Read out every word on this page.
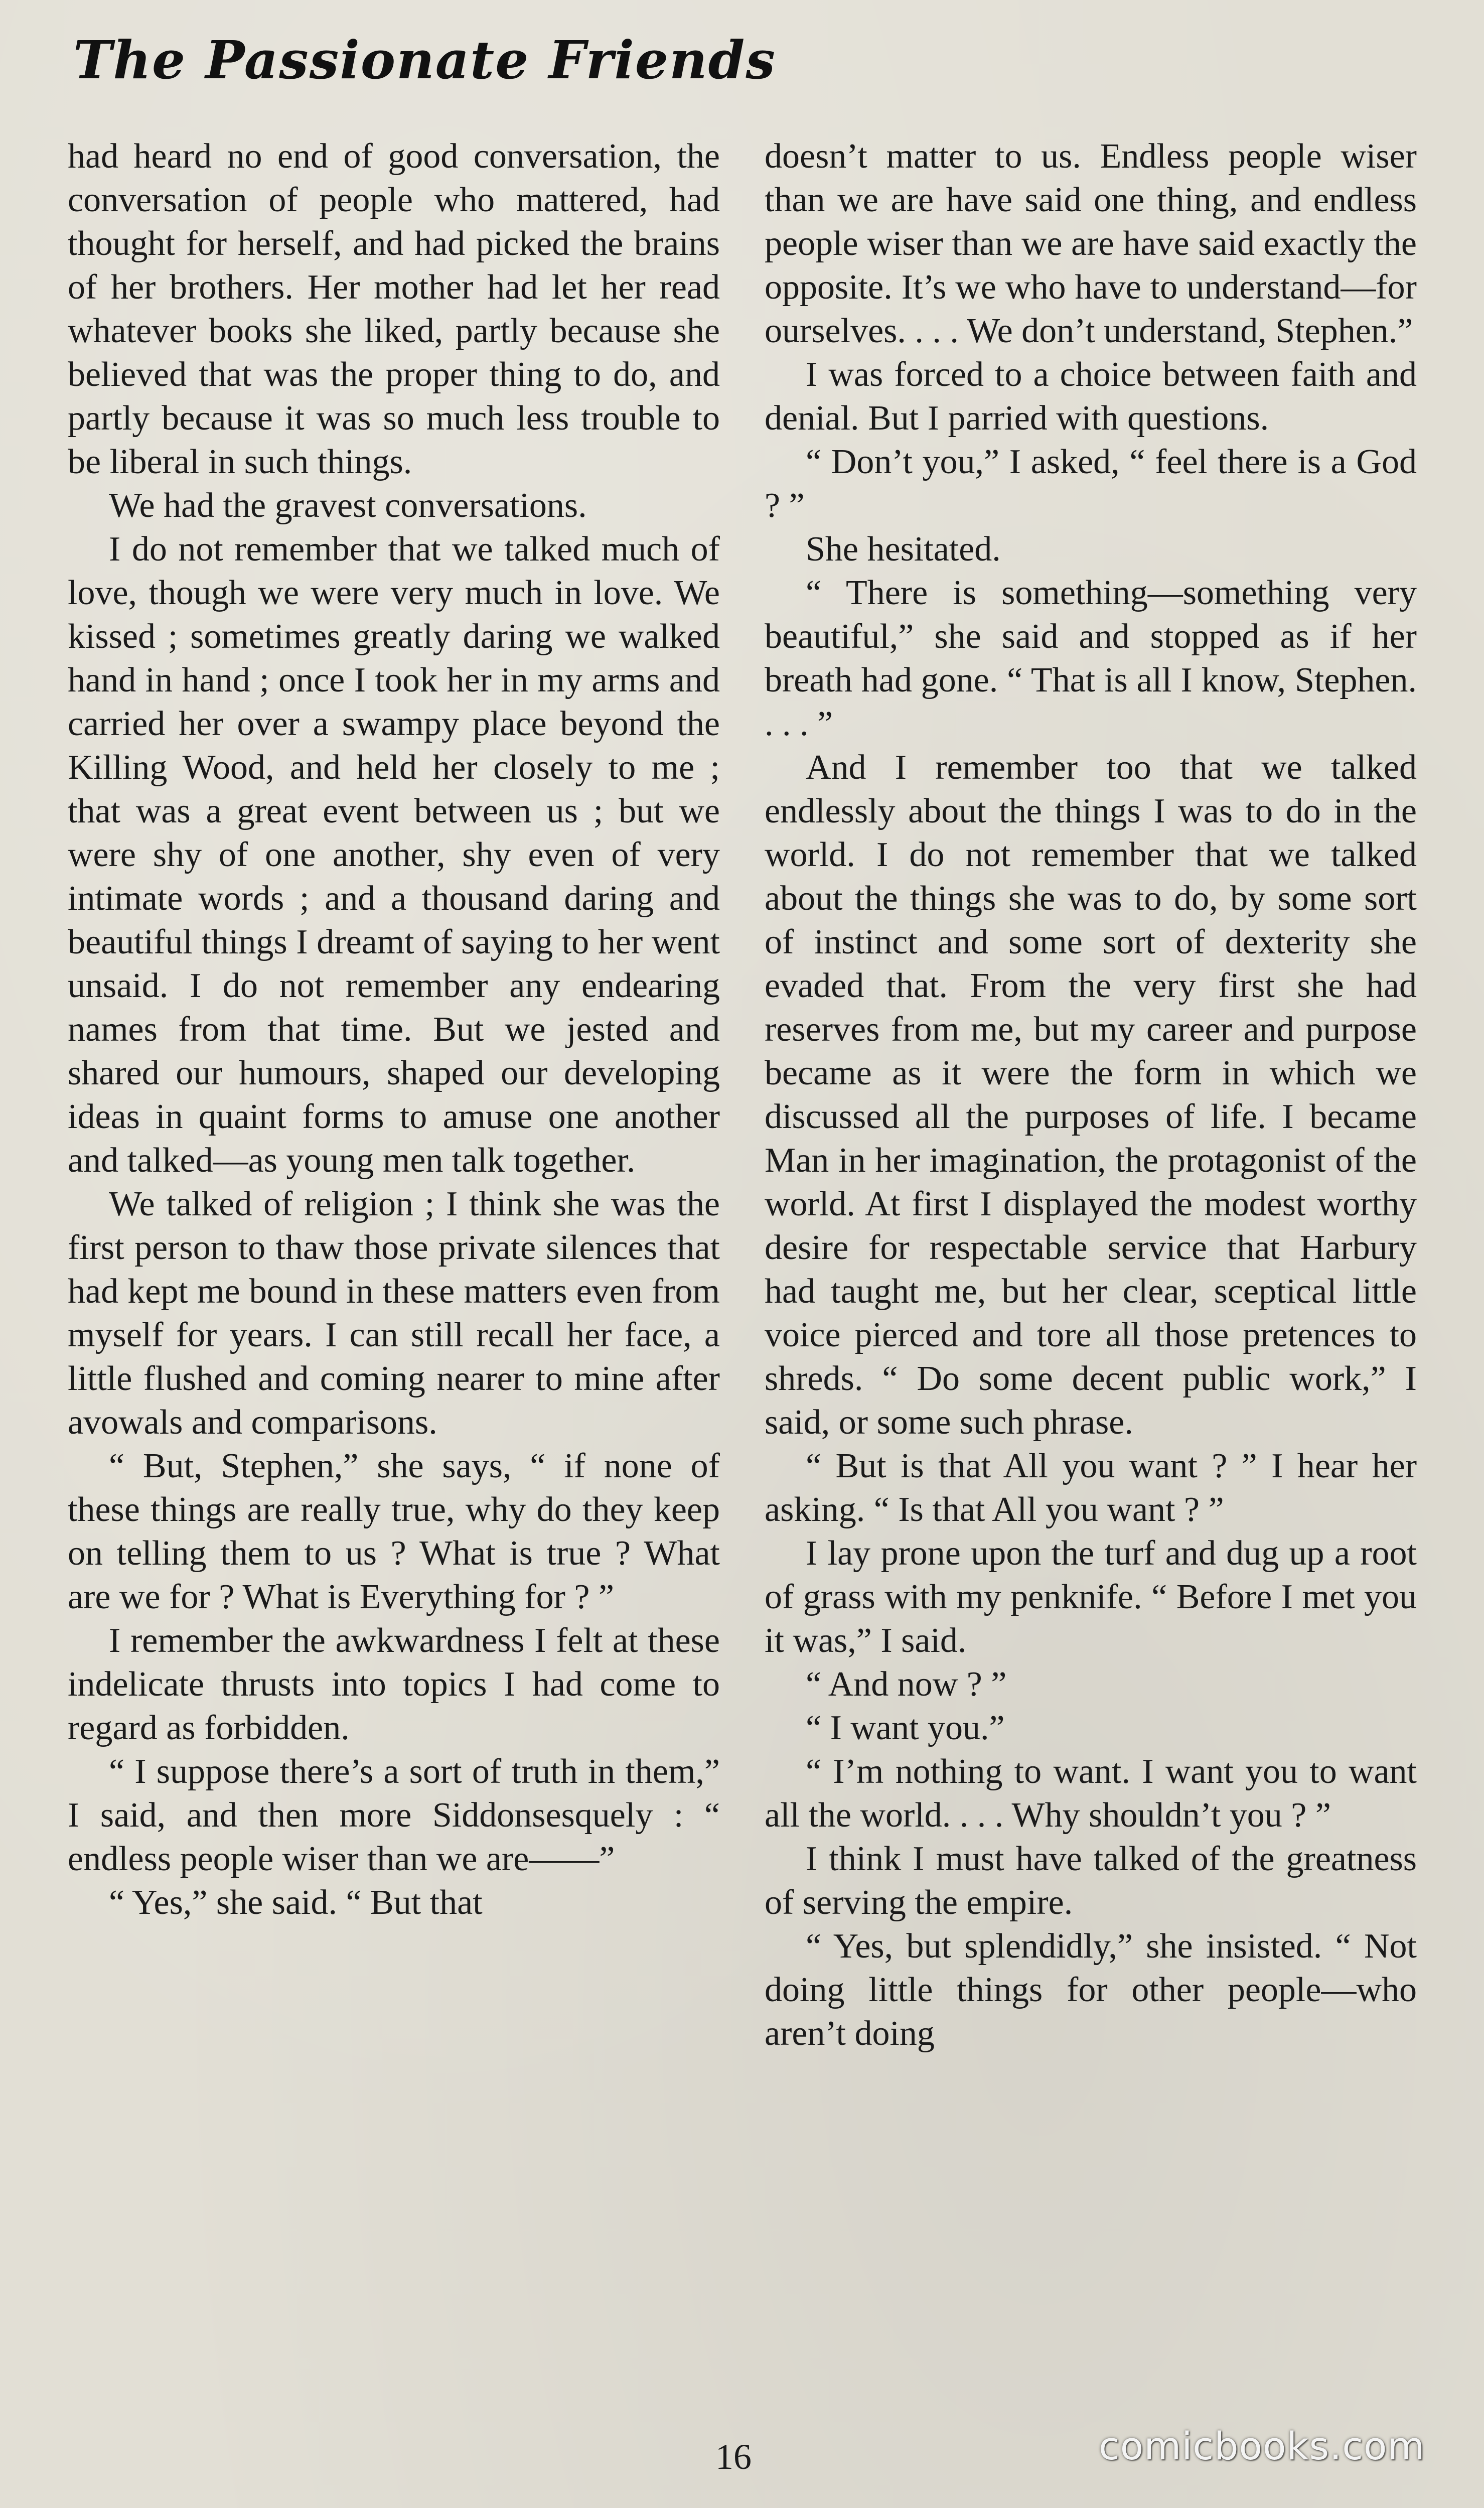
The Passionate Friends

had heard no end of good conversation, the conversation of people who mattered, had thought for herself, and had picked the brains of her brothers. Her mother had let her read whatever books she liked, partly because she believed that was the proper thing to do, and partly because it was so much less trouble to be liberal in such things.

We had the gravest conversations.

I do not remember that we talked much of love, though we were very much in love. We kissed ; sometimes greatly daring we walked hand in hand ; once I took her in my arms and carried her over a swampy place beyond the Killing Wood, and held her closely to me ; that was a great event between us ; but we were shy of one another, shy even of very intimate words ; and a thousand daring and beautiful things I dreamt of saying to her went unsaid. I do not remember any endearing names from that time. But we jested and shared our humours, shaped our developing ideas in quaint forms to amuse one another and talked—as young men talk together.

We talked of religion ; I think she was the first person to thaw those private silences that had kept me bound in these matters even from myself for years. I can still recall her face, a little flushed and coming nearer to mine after avowals and comparisons.

“ But, Stephen,” she says, “ if none of these things are really true, why do they keep on telling them to us ? What is true ? What are we for ? What is Everything for ? ”

I remember the awkwardness I felt at these indelicate thrusts into topics I had come to regard as forbidden.

“ I suppose there’s a sort of truth in them,” I said, and then more Siddonsesquely : “ endless people wiser than we are——”

“ Yes,” she said. “ But that

doesn’t matter to us. Endless people wiser than we are have said one thing, and endless people wiser than we are have said exactly the opposite. It’s we who have to understand—for ourselves. . . . We don’t understand, Stephen.”

I was forced to a choice between faith and denial. But I parried with questions.

“ Don’t you,” I asked, “ feel there is a God ? ”

She hesitated.

“ There is something—something very beautiful,” she said and stopped as if her breath had gone. “ That is all I know, Stephen. . . . ”

And I remember too that we talked endlessly about the things I was to do in the world. I do not remember that we talked about the things she was to do, by some sort of instinct and some sort of dexterity she evaded that. From the very first she had reserves from me, but my career and purpose became as it were the form in which we discussed all the purposes of life. I became Man in her imagination, the protagonist of the world. At first I displayed the modest worthy desire for respectable service that Harbury had taught me, but her clear, sceptical little voice pierced and tore all those pretences to shreds. “ Do some decent public work,” I said, or some such phrase.

“ But is that All you want ? ” I hear her asking. “ Is that All you want ? ”

I lay prone upon the turf and dug up a root of grass with my penknife. “ Before I met you it was,” I said.

“ And now ? ”

“ I want you.”

“ I’m nothing to want. I want you to want all the world. . . . Why shouldn’t you ? ”

I think I must have talked of the greatness of serving the empire.

“ Yes, but splendidly,” she insisted. “ Not doing little things for other people—who aren’t doing

16	comicbooks.com
